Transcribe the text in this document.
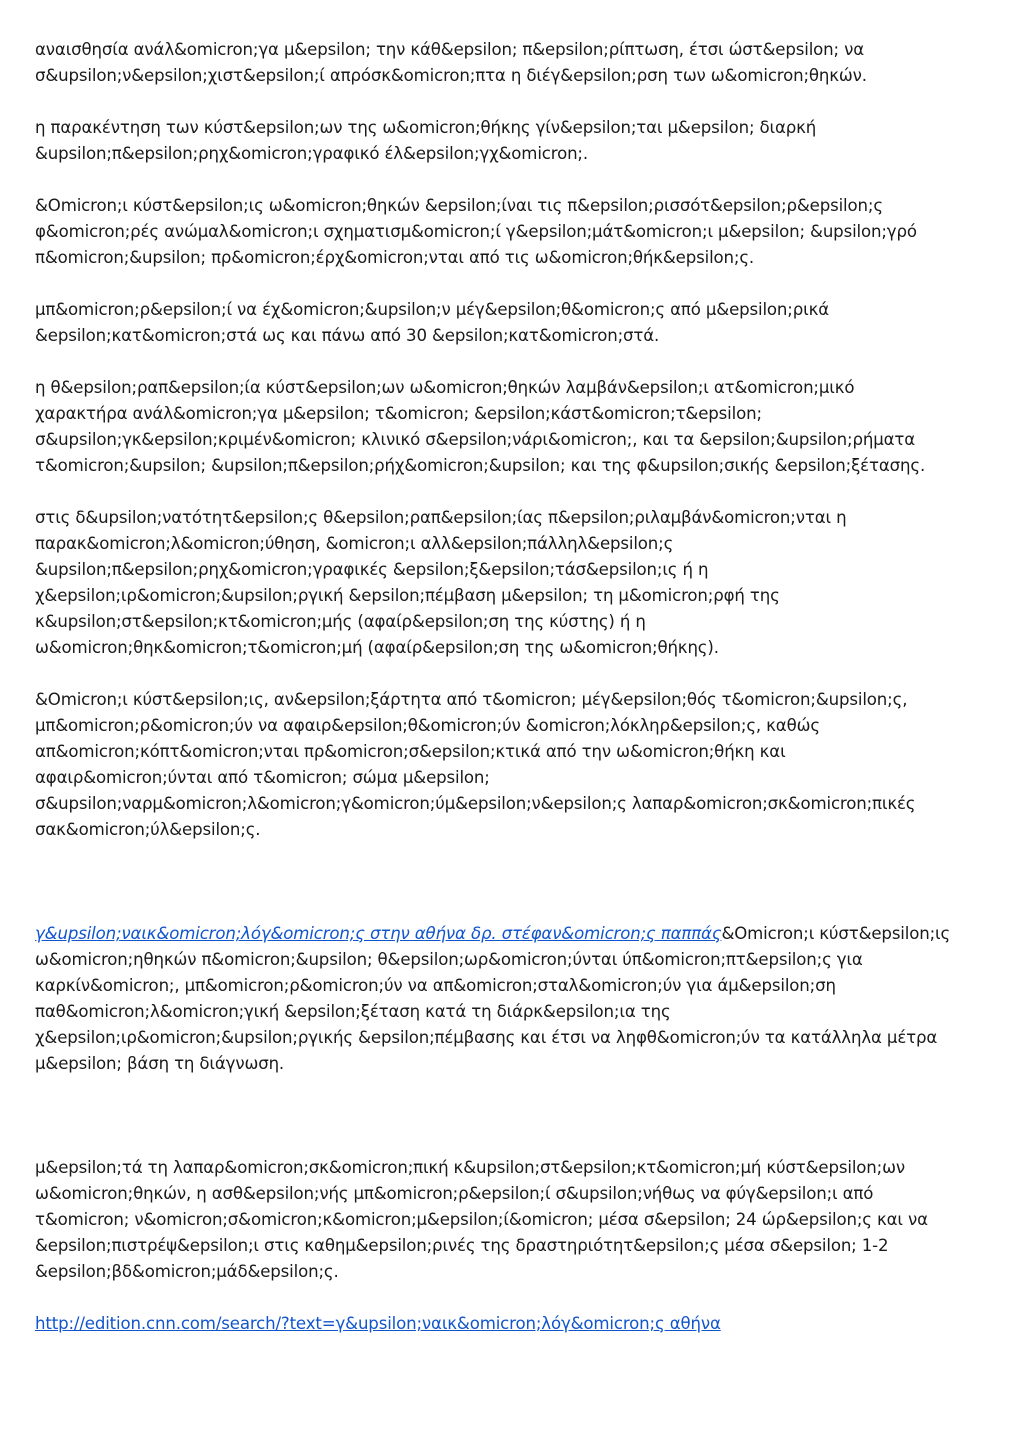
αναισθησία ανάλ&omicron;γα μ&epsilon; την κάθ&epsilon; π&epsilon;ρίπτωση, έτσι ώστ&epsilon; να
σ&upsilon;ν&epsilon;χιστ&epsilon;ί απρόσκ&omicron;πτα η διέγ&epsilon;ρση των ω&omicron;θηκών.

η παρακέντηση των κύστ&epsilon;ων της ω&omicron;θήκης γίν&epsilon;ται μ&epsilon; διαρκή
&upsilon;π&epsilon;ρηχ&omicron;γραφικό έλ&epsilon;γχ&omicron;.

&Omicron;ι κύστ&epsilon;ις ω&omicron;θηκών &epsilon;ίναι τις π&epsilon;ρισσότ&epsilon;ρ&epsilon;ς
φ&omicron;ρές ανώμαλ&omicron;ι σχηματισμ&omicron;ί γ&epsilon;μάτ&omicron;ι μ&epsilon; &upsilon;γρό
π&omicron;&upsilon; πρ&omicron;έρχ&omicron;νται από τις ω&omicron;θήκ&epsilon;ς.

μπ&omicron;ρ&epsilon;ί να έχ&omicron;&upsilon;ν μέγ&epsilon;θ&omicron;ς από μ&epsilon;ρικά
&epsilon;κατ&omicron;στά ως και πάνω από 30 &epsilon;κατ&omicron;στά.

η θ&epsilon;ραπ&epsilon;ία κύστ&epsilon;ων ω&omicron;θηκών λαμβάν&epsilon;ι ατ&omicron;μικό
χαρακτήρα ανάλ&omicron;γα μ&epsilon; τ&omicron; &epsilon;κάστ&omicron;τ&epsilon;
σ&upsilon;γκ&epsilon;κριμέν&omicron; κλινικό σ&epsilon;νάρι&omicron;, και τα &epsilon;&upsilon;ρήματα
τ&omicron;&upsilon; &upsilon;π&epsilon;ρήχ&omicron;&upsilon; και της φ&upsilon;σικής &epsilon;ξέτασης.

στις δ&upsilon;νατότητ&epsilon;ς θ&epsilon;ραπ&epsilon;ίας π&epsilon;ριλαμβάν&omicron;νται η
παρακ&omicron;λ&omicron;ύθηση, &omicron;ι αλλ&epsilon;πάλληλ&epsilon;ς
&upsilon;π&epsilon;ρηχ&omicron;γραφικές &epsilon;ξ&epsilon;τάσ&epsilon;ις ή η
χ&epsilon;ιρ&omicron;&upsilon;ργική &epsilon;πέμβαση μ&epsilon; τη μ&omicron;ρφή της
κ&upsilon;στ&epsilon;κτ&omicron;μής (αφαίρ&epsilon;ση της κύστης) ή η
ω&omicron;θηκ&omicron;τ&omicron;μή (αφαίρ&epsilon;ση της ω&omicron;θήκης).

&Omicron;ι κύστ&epsilon;ις, αν&epsilon;ξάρτητα από τ&omicron; μέγ&epsilon;θός τ&omicron;&upsilon;ς,
μπ&omicron;ρ&omicron;ύν να αφαιρ&epsilon;θ&omicron;ύν &omicron;λόκληρ&epsilon;ς, καθώς
απ&omicron;κόπτ&omicron;νται πρ&omicron;σ&epsilon;κτικά από την ω&omicron;θήκη και
αφαιρ&omicron;ύνται από τ&omicron; σώμα μ&epsilon;
σ&upsilon;ναρμ&omicron;λ&omicron;γ&omicron;ύμ&epsilon;ν&epsilon;ς λαπαρ&omicron;σκ&omicron;πικές
σακ&omicron;ύλ&epsilon;ς.

γ&upsilon;ναικ&omicron;λόγ&omicron;ς στην αθήνα δρ. στέφαν&omicron;ς παππάς&Omicron;ι κύστ&epsilon;ις
ω&omicron;ηθηκών π&omicron;&upsilon; θ&epsilon;ωρ&omicron;ύνται ύπ&omicron;πτ&epsilon;ς για
καρκίν&omicron;, μπ&omicron;ρ&omicron;ύν να απ&omicron;σταλ&omicron;ύν για άμ&epsilon;ση
παθ&omicron;λ&omicron;γική &epsilon;ξέταση κατά τη διάρκ&epsilon;ια της
χ&epsilon;ιρ&omicron;&upsilon;ργικής &epsilon;πέμβασης και έτσι να ληφθ&omicron;ύν τα κατάλληλα μέτρα
μ&epsilon; βάση τη διάγνωση.

μ&epsilon;τά τη λαπαρ&omicron;σκ&omicron;πική κ&upsilon;στ&epsilon;κτ&omicron;μή κύστ&epsilon;ων
ω&omicron;θηκών, η ασθ&epsilon;νής μπ&omicron;ρ&epsilon;ί σ&upsilon;νήθως να φύγ&epsilon;ι από
τ&omicron; ν&omicron;σ&omicron;κ&omicron;μ&epsilon;ί&omicron; μέσα σ&epsilon; 24 ώρ&epsilon;ς και να
&epsilon;πιστρέψ&epsilon;ι στις καθημ&epsilon;ρινές της δραστηριότητ&epsilon;ς μέσα σ&epsilon; 1-2
&epsilon;βδ&omicron;μάδ&epsilon;ς.

http://edition.cnn.com/search/?text=γ&upsilon;ναικ&omicron;λόγ&omicron;ς αθήνα
